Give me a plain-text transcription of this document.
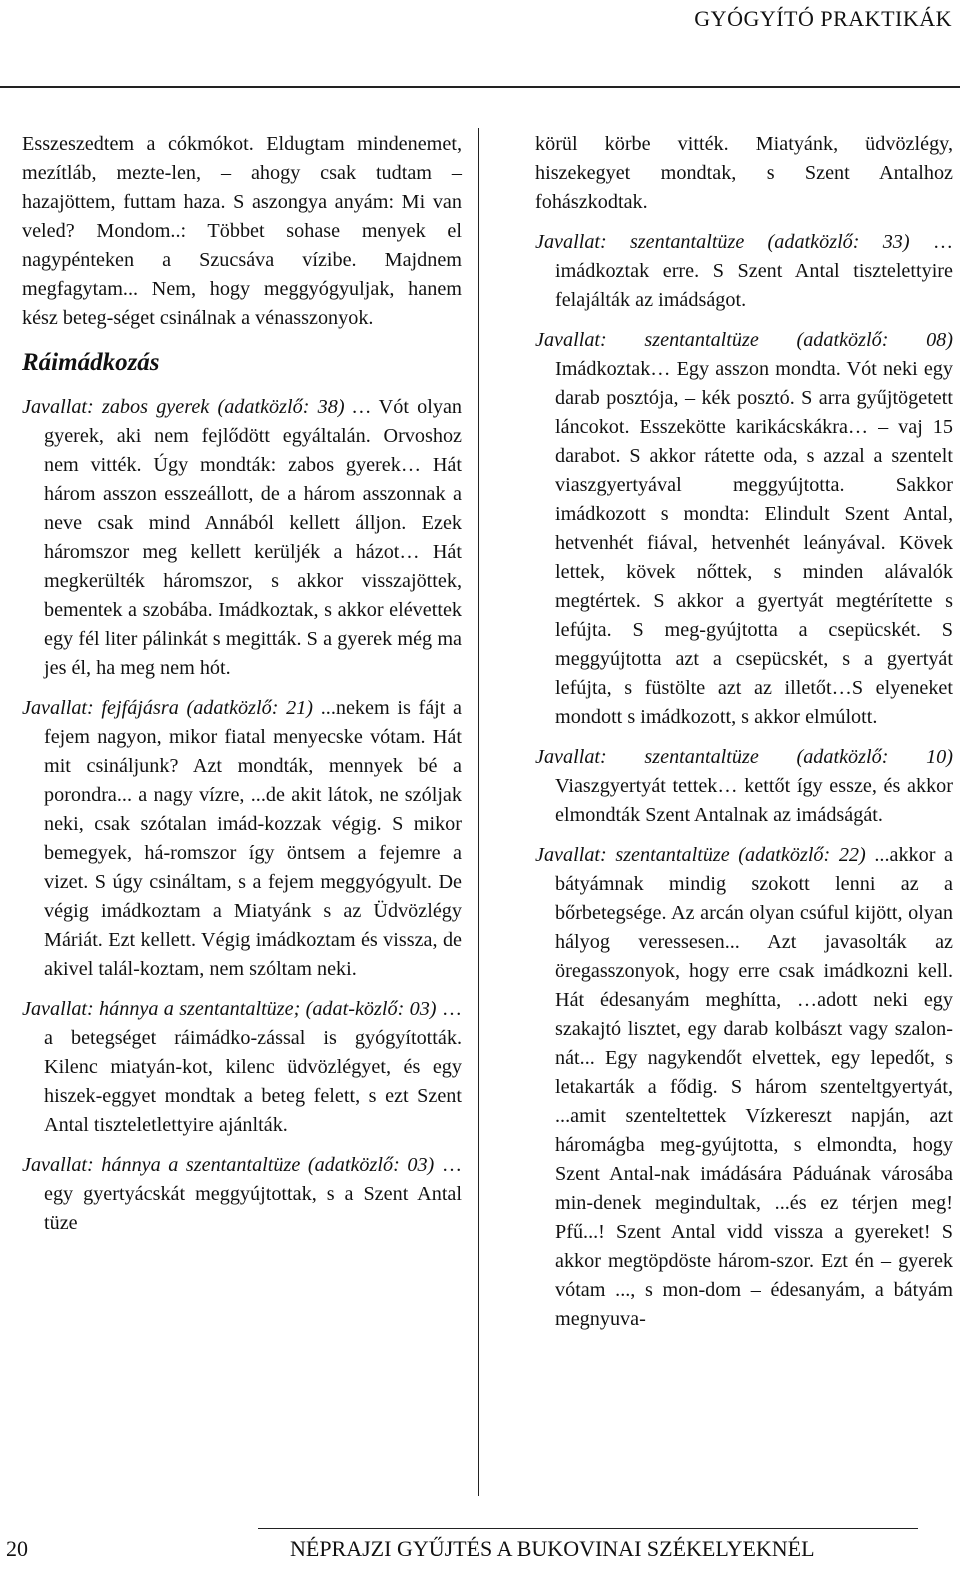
GYÓGYÍTÓ PRAKTIKÁK

Esszeszedtem a cókmókot. Eldugtam mindenemet, mezítláb, mezte-len, – ahogy csak tudtam – hazajöttem, futtam haza. S aszongya anyám: Mi van veled? Mondom..: Többet sohase menyek el nagypénteken a Szucsáva vízibe. Majdnem megfagytam... Nem, hogy meggyógyuljak, hanem kész beteg-séget csinálnak a vénasszonyok.

Ráimádkozás

Javallat: zabos gyerek (adatközlő: 38) … Vót olyan gyerek, aki nem fejlődött egyáltalán. Orvoshoz nem vitték. Úgy mondták: zabos gyerek… Hát három asszon esszeállott, de a három asszonnak a neve csak mind Annából kellett álljon. Ezek háromszor meg kellett kerüljék a házot… Hát megkerülték háromszor, s akkor visszajöttek, bementek a szobába. Imádkoztak, s akkor elévettek egy fél liter pálinkát s megitták. S a gyerek még ma jes él, ha meg nem hót.

Javallat: fejfájásra (adatközlő: 21) ...nekem is fájt a fejem nagyon, mikor fiatal menyecske vótam. Hát mit csináljunk? Azt mondták, mennyek bé a porondra... a nagy vízre, ...de akit látok, ne szóljak neki, csak szótalan imád-kozzak végig. S mikor bemegyek, há-romszor így öntsem a fejemre a vizet. S úgy csináltam, s a fejem meggyógyult. De végig imádkoztam a Miatyánk s az Üdvözlégy Máriát. Ezt kellett. Végig imádkoztam és vissza, de akivel talál-koztam, nem szóltam neki.

Javallat: hánnya a szentantaltüze; (adat-közlő: 03) …a betegséget ráimádko-zással is gyógyították. Kilenc miatyán-kot, kilenc üdvözlégyet, és egy hiszek-eggyet mondtak a beteg felett, s ezt Szent Antal tiszteletlettyire ajánlták.

Javallat: hánnya a szentantaltüze (adatközlő: 03) …egy gyertyácskát meggyújtottak, s a Szent Antal tüze

körül körbe vitték. Miatyánk, üdvözlégy, hiszekegyet mondtak, s Szent Antalhoz fohászkodtak.

Javallat: szentantaltüze (adatközlő: 33) …imádkoztak erre. S Szent Antal tisztelettyire felajálták az imádságot.

Javallat: szentantaltüze (adatközlő: 08) Imádkoztak… Egy asszon mondta. Vót neki egy darab posztója, – kék posztó. S arra gyűjtögetett láncokot. Esszekötte karikácskákra… – vaj 15 darabot. S akkor rátette oda, s azzal a szentelt viaszgyertyával meggyújtotta. Sakkor imádkozott s mondta: Elindult Szent Antal, hetvenhét fiával, hetvenhét leányával. Kövek lettek, kövek nőttek, s minden alávalók megtértek. S akkor a gyertyát megtérítette s lefújta. S meg-gyújtotta a csepücskét. S meggyújtotta azt a csepücskét, s a gyertyát lefújta, s füstölte azt az illetőt…S elyeneket mondott s imádkozott, s akkor elmúlott.

Javallat: szentantaltüze (adatközlő: 10) Viaszgyertyát tettek… kettőt így essze, és akkor elmondták Szent Antalnak az imádságát.

Javallat: szentantaltüze (adatközlő: 22) ...akkor a bátyámnak mindig szokott lenni az a bőrbetegsége. Az arcán olyan csúful kijött, olyan hályog veressesen... Azt javasolták az öregasszonyok, hogy erre csak imádkozni kell. Hát édesanyám meghítta, …adott neki egy szakajtó lisztet, egy darab kolbászt vagy szalon-nát... Egy nagykendőt elvettek, egy lepedőt, s letakarták a fődig. S három szenteltgyertyát, ...amit szenteltettek Vízkereszt napján, azt háromágba meg-gyújtotta, s elmondta, hogy Szent Antal-nak imádására Páduának városába min-denek megindultak, ...és ez térjen meg! Pfű...! Szent Antal vidd vissza a gyereket! S akkor megtöpdöste három-szor. Ezt én – gyerek vótam ..., s mon-dom – édesanyám, a bátyám megnyuva-

20	NÉPRAJZI GYŰJTÉS A BUKOVINAI SZÉKELYEKNÉL
